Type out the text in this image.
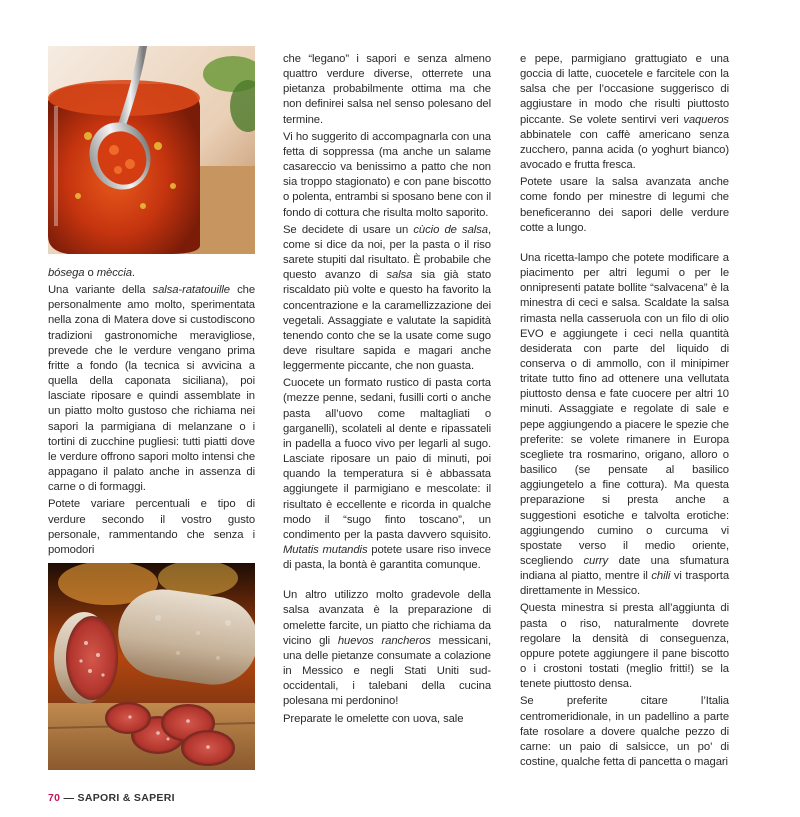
bósega o mèccia.

Una variante della salsa-ratatouille che personalmente amo molto, sperimentata nella zona di Matera dove si custodiscono tradizioni gastronomiche meravigliose, prevede che le verdure vengano prima fritte a fondo (la tecnica si avvicina a quella della caponata siciliana), poi lasciate riposare e quindi assemblate in un piatto molto gustoso che richiama nei sapori la parmigiana di melanzane o i tortini di zucchine pugliesi: tutti piatti dove le verdure offrono sapori molto intensi che appagano il palato anche in assenza di carne o di formaggi.

Potete variare percentuali e tipo di verdure secondo il vostro gusto personale, rammentando che senza i pomodori

che “legano” i sapori e senza almeno quattro verdure diverse, otterrete una pietanza probabilmente ottima ma che non definirei salsa nel senso polesano del termine.

Vi ho suggerito di accompagnarla con una fetta di soppressa (ma anche un salame casareccio va benissimo a patto che non sia troppo stagionato) e con pane biscotto o polenta, entrambi si sposano bene con il fondo di cottura che risulta molto saporito.

Se decidete di usare un cùcio de salsa, come si dice da noi, per la pasta o il riso sarete stupiti dal risultato. È probabile che questo avanzo di salsa sia già stato riscaldato più volte e questo ha favorito la concentrazione e la caramellizzazione dei vegetali. Assaggiate e valutate la sapidità tenendo conto che se la usate come sugo deve risultare sapida e magari anche leggermente piccante, che non guasta.

Cuocete un formato rustico di pasta corta (mezze penne, sedani, fusilli corti o anche pasta all’uovo come maltagliati o garganelli), scolateli al dente e ripassateli in padella a fuoco vivo per legarli al sugo. Lasciate riposare un paio di minuti, poi quando la temperatura si è abbassata aggiungete il parmigiano e mescolate: il risultato è eccellente e ricorda in qualche modo il “sugo finto toscano”, un condimento per la pasta davvero squisito. Mutatis mutandis potete usare riso invece di pasta, la bontà è garantita comunque.

Un altro utilizzo molto gradevole della salsa avanzata è la preparazione di omelette farcite, un piatto che richiama da vicino gli huevos rancheros messicani, una delle pietanze consumate a colazione in Messico e negli Stati Uniti sud-occidentali, i talebani della cucina polesana mi perdonino!

Preparate le omelette con uova, sale

e pepe, parmigiano grattugiato e una goccia di latte, cuocetele e farcitele con la salsa che per l’occasione suggerisco di aggiustare in modo che risulti piuttosto piccante. Se volete sentirvi veri vaqueros abbinatele con caffè americano senza zucchero, panna acida (o yoghurt bianco) avocado e frutta fresca.

Potete usare la salsa avanzata anche come fondo per minestre di legumi che beneficeranno dei sapori delle verdure cotte a lungo.

Una ricetta-lampo che potete modificare a piacimento per altri legumi o per le onnipresenti patate bollite “salvacena” è la minestra di ceci e salsa. Scaldate la salsa rimasta nella casseruola con un filo di olio EVO e aggiungete i ceci nella quantità desiderata con parte del liquido di conserva o di ammollo, con il minipimer tritate tutto fino ad ottenere una vellutata piuttosto densa e fate cuocere per altri 10 minuti. Assaggiate e regolate di sale e pepe aggiungendo a piacere le spezie che preferite: se volete rimanere in Europa scegliete tra rosmarino, origano, alloro o basilico (se pensate al basilico aggiungetelo a fine cottura). Ma questa preparazione si presta anche a suggestioni esotiche e talvolta erotiche: aggiungendo cumino o curcuma vi spostate verso il medio oriente, scegliendo curry date una sfumatura indiana al piatto, mentre il chili vi trasporta direttamente in Messico.

Questa minestra si presta all’aggiunta di pasta o riso, naturalmente dovrete regolare la densità di conseguenza, oppure potete aggiungere il pane biscotto o i crostoni tostati (meglio fritti!) se la tenete piuttosto densa.

Se preferite citare l’Italia centromeridionale, in un padellino a parte fate rosolare a dovere qualche pezzo di carne: un paio di salsicce, un po’ di costine, qualche fetta di pancetta o magari

70 — SAPORI & SAPERI
